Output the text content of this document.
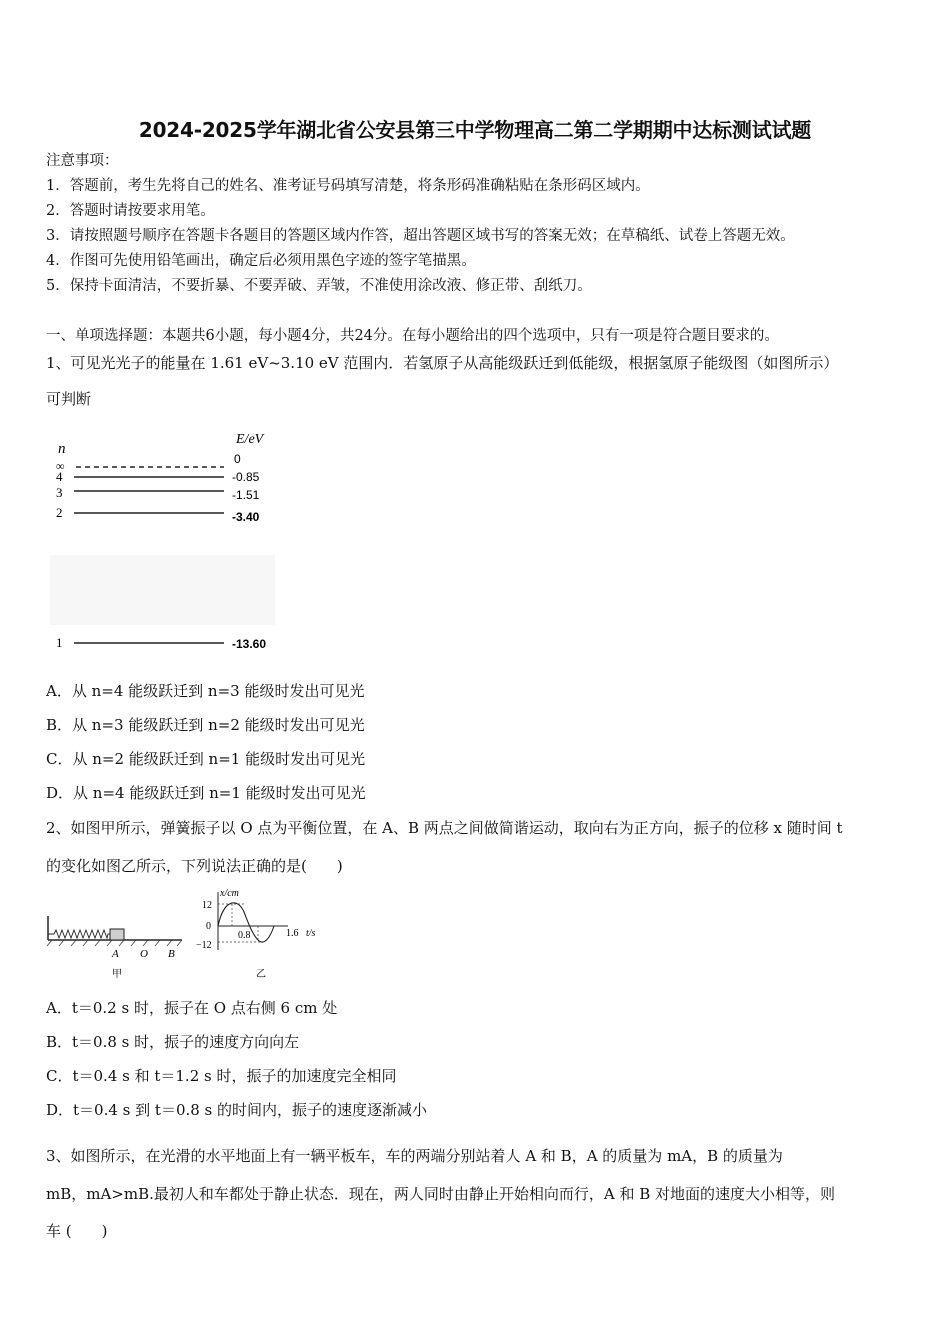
2024-2025学年湖北省公安县第三中学物理高二第二学期期中达标测试试题
注意事项：
1．答题前，考生先将自己的姓名、准考证号码填写清楚，将条形码准确粘贴在条形码区域内。
2．答题时请按要求用笔。
3．请按照题号顺序在答题卡各题目的答题区域内作答，超出答题区域书写的答案无效；在草稿纸、试卷上答题无效。
4．作图可先使用铅笔画出，确定后必须用黑色字迹的签字笔描黑。
5．保持卡面清洁，不要折暴、不要弄破、弄皱，不准使用涂改液、修正带、刮纸刀。
一、单项选择题：本题共6小题，每小题4分，共24分。在每小题给出的四个选项中，只有一项是符合题目要求的。
1、可见光光子的能量在 1.61 eV~3.10 eV 范围内．若氢原子从高能级跃迁到低能级，根据氢原子能级图（如图所示）
可判断
n
E/eV
∞	0
4	-0.85
3	-1.51
2	-3.40
1	-13.60
A．从 n=4 能级跃迁到 n=3 能级时发出可见光
B．从 n=3 能级跃迁到 n=2 能级时发出可见光
C．从 n=2 能级跃迁到 n=1 能级时发出可见光
D．从 n=4 能级跃迁到 n=1 能级时发出可见光
2、如图甲所示，弹簧振子以 O 点为平衡位置，在 A、B 两点之间做简谐运动，取向右为正方向，振子的位移 x 随时间 t
的变化如图乙所示，下列说法正确的是(　　)
A O B
甲
x/cm
12
0
−12
0.8	1.6 t/s
乙
A．t＝0.2 s 时，振子在 O 点右侧 6 cm 处
B．t＝0.8 s 时，振子的速度方向向左
C．t＝0.4 s 和 t＝1.2 s 时，振子的加速度完全相同
D．t＝0.4 s 到 t＝0.8 s 的时间内，振子的速度逐渐减小
3、如图所示，在光滑的水平地面上有一辆平板车，车的两端分别站着人 A 和 B，A 的质量为 mA，B 的质量为
mB，mA>mB.最初人和车都处于静止状态．现在，两人同时由静止开始相向而行，A 和 B 对地面的速度大小相等，则
车 (　　)
